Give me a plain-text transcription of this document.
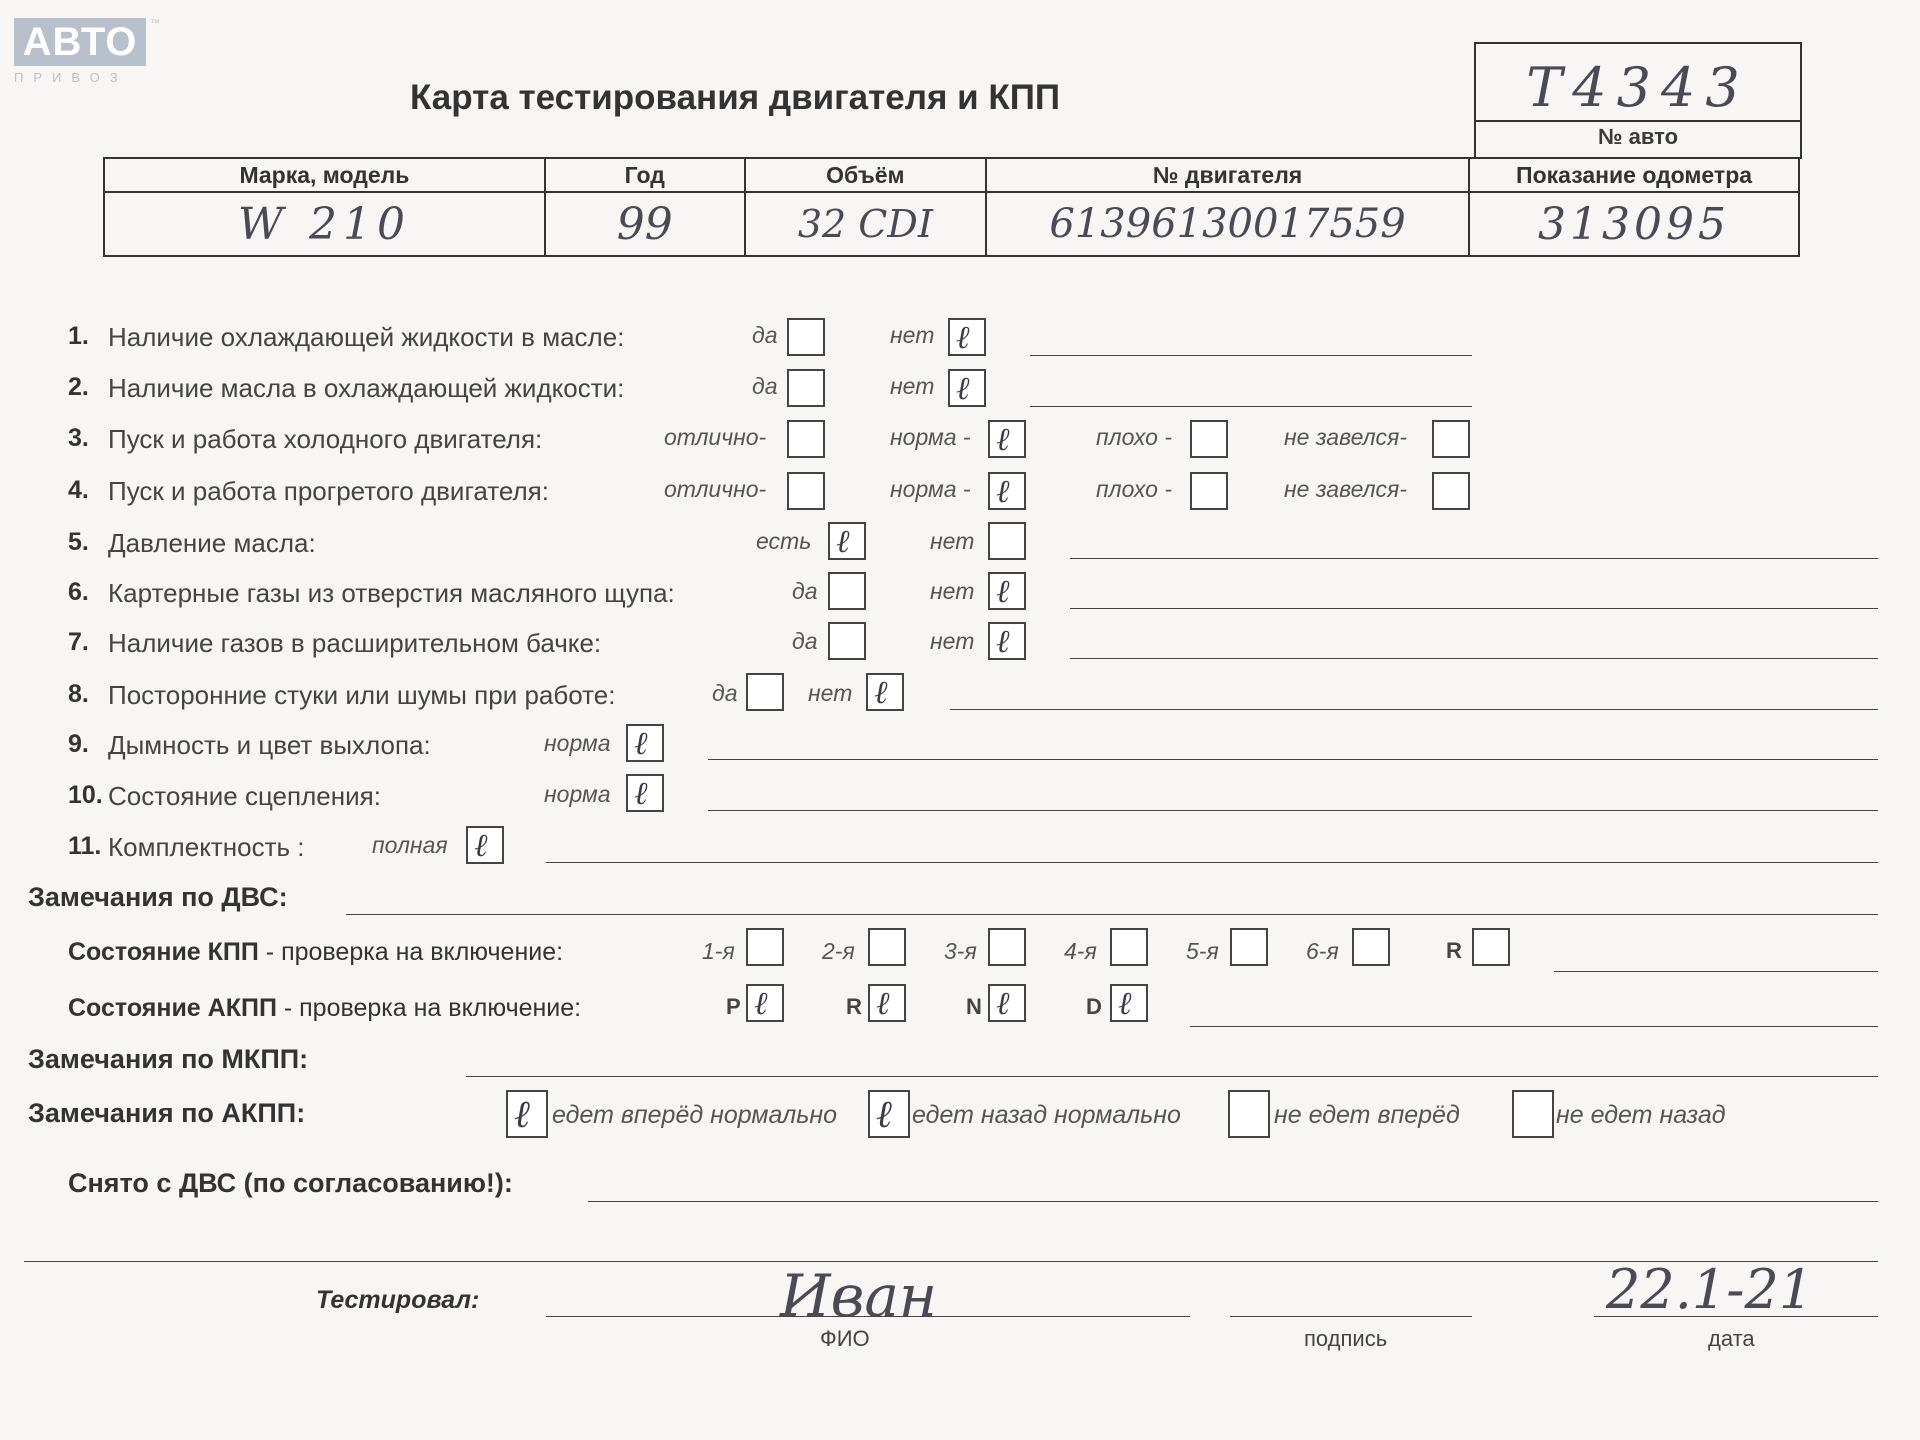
АВТО	™
ПРИВОЗ
Карта тестирования двигателя и КПП	Т4343
№ авто
Марка, модель	Год	Объём	№ двигателя	Показание одометра
W 210	99	32 CDI	61396130017559	313095
1. Наличие охлаждающей жидкости в масле:	да	нет ℓ
2. Наличие масла в охлаждающей жидкости:	да	нет ℓ
3. Пуск и работа холодного двигателя:	отлично-	норма - ℓ	плохо -	не завелся-
4. Пуск и работа прогретого двигателя:	отлично-	норма - ℓ	плохо -	не завелся-
5. Давление масла:	есть ℓ	нет
6. Картерные газы из отверстия масляного щупа:	да	нет ℓ
7. Наличие газов в расширительном бачке:	да	нет ℓ
8. Посторонние стуки или шумы при работе:	да	нет ℓ
9. Дымность и цвет выхлопа:	норма ℓ
10. Состояние сцепления:	норма ℓ
11. Комплектность :	полная ℓ
Замечания по ДВС:
Состояние КПП - проверка на включение:	1-я	2-я	3-я	4-я	5-я	6-я	R
Состояние АКПП - проверка на включение:	P ℓ	R ℓ	N ℓ	D ℓ
Замечания по МКПП:
Замечания по АКПП:	ℓ едет вперёд нормально ℓ едет назад нормально	не едет вперёд	не едет назад
Снято с ДВС (по согласованию!):
Тестировал:	Иван
ФИО	подпись
22.1-21
дата
